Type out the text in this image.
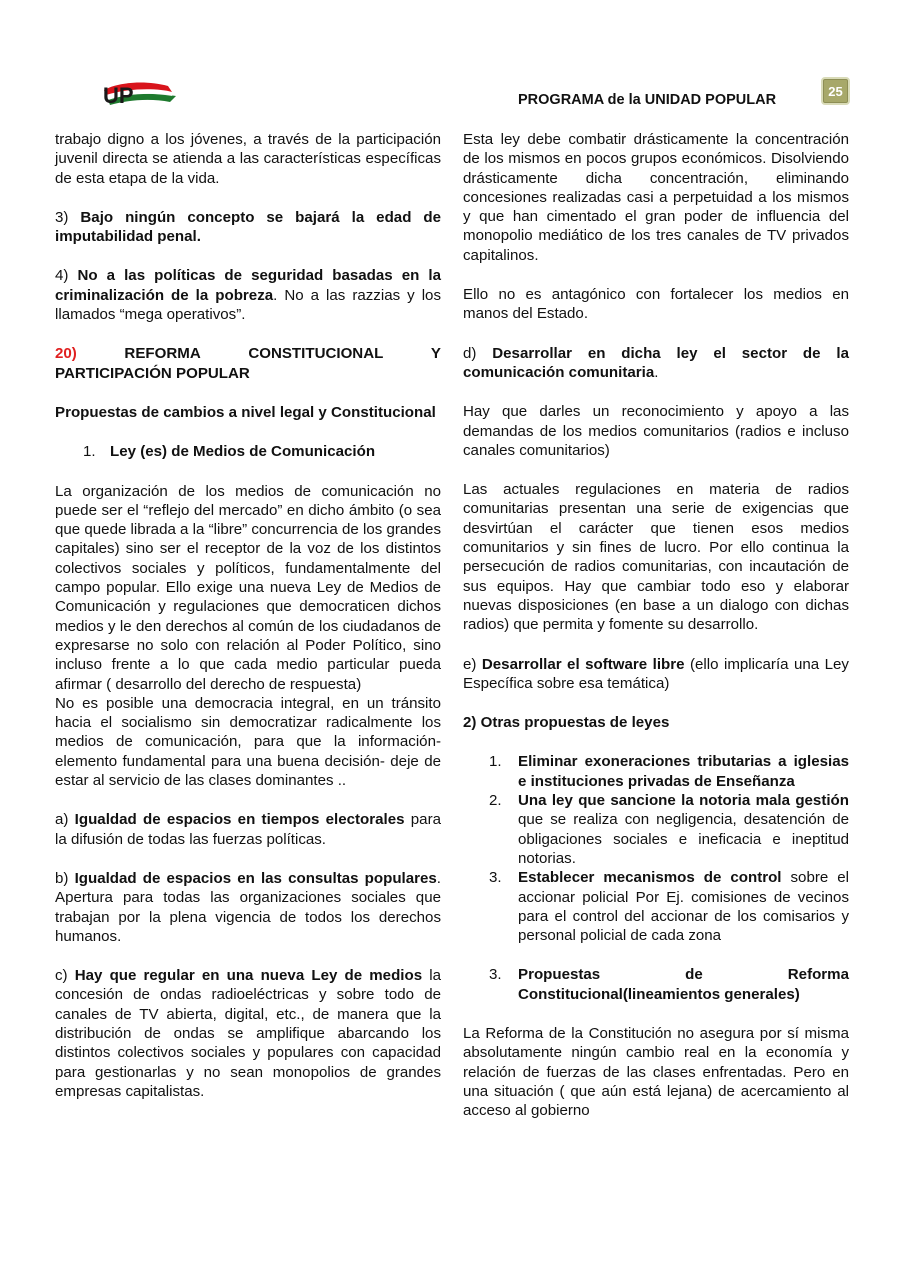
UP	PROGRAMA de la UNIDAD POPULAR
25

trabajo digno a los jóvenes, a través de la participación juvenil directa se atienda a las características específicas de esta etapa de la vida.

3) Bajo ningún concepto se bajará la edad de imputabilidad penal.

4) No a las políticas de seguridad basadas en la criminalización de la pobreza. No a las razzias y los llamados “mega operativos”.

20)	REFORMA	CONSTITUCIONAL	Y
PARTICIPACIÓN POPULAR

Propuestas de cambios a nivel legal y Constitucional

1. Ley (es) de Medios de Comunicación

La organización de los medios de comunicación no puede ser el “reflejo del mercado” en dicho ámbito (o sea que quede librada a la “libre” concurrencia de los grandes capitales) sino ser el receptor de la voz de los distintos colectivos sociales y políticos, fundamentalmente del campo popular. Ello exige una nueva Ley de Medios de Comunicación y regulaciones que democraticen dichos medios y le den derechos al común de los ciudadanos de expresarse no solo con relación al Poder Político, sino incluso frente a lo que cada medio particular pueda afirmar ( desarrollo del derecho de respuesta)

No es posible una democracia integral, en un tránsito hacia el socialismo sin democratizar radicalmente los medios de comunicación, para que la información-elemento fundamental para una buena decisión- deje de estar al servicio de las clases dominantes ..

a) Igualdad de espacios en tiempos electorales para la difusión de todas las fuerzas políticas.

b) Igualdad de espacios en las consultas populares. Apertura para todas las organizaciones sociales que trabajan por la plena vigencia de todos los derechos humanos.

c) Hay que regular en una nueva Ley de medios la concesión de ondas radioeléctricas y sobre todo de canales de TV abierta, digital, etc., de manera que la distribución de ondas se amplifique abarcando los distintos colectivos sociales y populares con capacidad para gestionarlas y no sean monopolios de grandes empresas capitalistas.

Esta ley debe combatir drásticamente la concentración de los mismos en pocos grupos económicos. Disolviendo drásticamente dicha concentración, eliminando concesiones realizadas casi a perpetuidad a los mismos y que han cimentado el gran poder de influencia del monopolio mediático de los tres canales de TV privados capitalinos.

Ello no es antagónico con fortalecer los medios en manos del Estado.

d) Desarrollar en dicha ley el sector de la comunicación comunitaria.

Hay que darles un reconocimiento y apoyo a las demandas de los medios comunitarios (radios e incluso canales comunitarios)

Las actuales regulaciones en materia de radios comunitarias presentan una serie de exigencias que desvirtúan el carácter que tienen esos medios comunitarios y sin fines de lucro. Por ello continua la persecución de radios comunitarias, con incautación de sus equipos. Hay que cambiar todo eso y elaborar nuevas disposiciones (en base a un dialogo con dichas radios) que permita y fomente su desarrollo.

e) Desarrollar el software libre (ello implicaría una Ley Específica sobre esa temática)

2) Otras propuestas de leyes

1. Eliminar exoneraciones tributarias a iglesias e instituciones privadas de Enseñanza
2. Una ley que sancione la notoria mala gestión que se realiza con negligencia, desatención de obligaciones sociales e ineficacia e ineptitud notorias.
3. Establecer mecanismos de control sobre el accionar policial Por Ej. comisiones de vecinos para el control del accionar de los comisarios y personal policial de cada zona
3. Propuestas de Reforma Constitucional(lineamientos generales)

La Reforma de la Constitución no asegura por sí misma absolutamente ningún cambio real en la economía y relación de fuerzas de las clases enfrentadas. Pero en una situación ( que aún está lejana) de acercamiento al acceso al gobierno
